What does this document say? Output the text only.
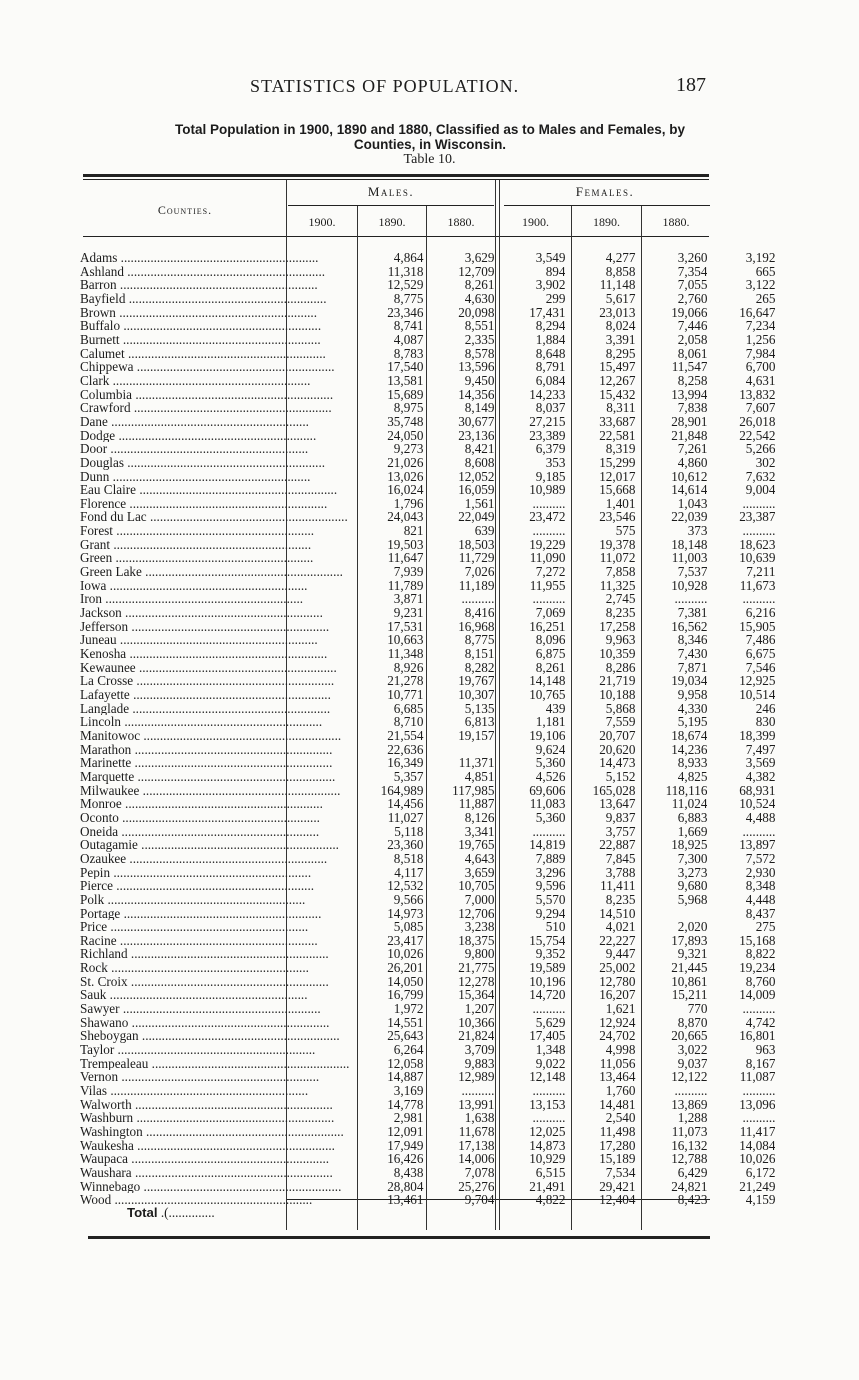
STATISTICS OF POPULATION.	187
Total Population in 1900, 1890 and 1880, Classified as to Males and Females, by
Counties, in Wisconsin.
Table 10.
Counties.
Males.	Females.
1900.	1890.	1880.	1900.	1890.	1880.
Adams ............................................................	4,864	3,629	3,549	4,277	3,260	3,192
Ashland ............................................................	11,318	12,709	894	8,858	7,354	665
Barron ............................................................	12,529	8,261	3,902	11,148	7,055	3,122
Bayfield ............................................................	8,775	4,630	299	5,617	2,760	265
Brown ............................................................	23,346	20,098	17,431	23,013	19,066	16,647
Buffalo ............................................................	8,741	8,551	8,294	8,024	7,446	7,234
Burnett ............................................................	4,087	2,335	1,884	3,391	2,058	1,256
Calumet ............................................................	8,783	8,578	8,648	8,295	8,061	7,984
Chippewa ............................................................	17,540	13,596	8,791	15,497	11,547	6,700
Clark ............................................................	13,581	9,450	6,084	12,267	8,258	4,631
Columbia ............................................................	15,689	14,356	14,233	15,432	13,994	13,832
Crawford ............................................................	8,975	8,149	8,037	8,311	7,838	7,607
Dane ............................................................	35,748	30,677	27,215	33,687	28,901	26,018
Dodge ............................................................	24,050	23,136	23,389	22,581	21,848	22,542
Door ............................................................	9,273	8,421	6,379	8,319	7,261	5,266
Douglas ............................................................	21,026	8,608	353	15,299	4,860	302
Dunn ............................................................	13,026	12,052	9,185	12,017	10,612	7,632
Eau Claire ............................................................	16,024	16,059	10,989	15,668	14,614	9,004
Florence ............................................................	1,796	1,561	..........	1,401	1,043	..........
Fond du Lac ............................................................	24,043	22,049	23,472	23,546	22,039	23,387
Forest ............................................................	821	639	..........	575	373	..........
Grant ............................................................	19,503	18,503	19,229	19,378	18,148	18,623
Green ............................................................	11,647	11,729	11,090	11,072	11,003	10,639
Green Lake ............................................................	7,939	7,026	7,272	7,858	7,537	7,211
Iowa ............................................................	11,789	11,189	11,955	11,325	10,928	11,673
Iron ............................................................	3,871	..........	..........	2,745	..........	..........
Jackson ............................................................	9,231	8,416	7,069	8,235	7,381	6,216
Jefferson ............................................................	17,531	16,968	16,251	17,258	16,562	15,905
Juneau ............................................................	10,663	8,775	8,096	9,963	8,346	7,486
Kenosha ............................................................	11,348	8,151	6,875	10,359	7,430	6,675
Kewaunee ............................................................	8,926	8,282	8,261	8,286	7,871	7,546
La Crosse ............................................................	21,278	19,767	14,148	21,719	19,034	12,925
Lafayette ............................................................	10,771	10,307	10,765	10,188	9,958	10,514
Langlade ............................................................	6,685	5,135	439	5,868	4,330	246
Lincoln ............................................................	8,710	6,813	1,181	7,559	5,195	830
Manitowoc ............................................................	21,554	19,157	19,106	20,707	18,674	18,399
Marathon ............................................................	22,636		9,624	20,620	14,236	7,497
Marinette ............................................................	16,349	11,371	5,360	14,473	8,933	3,569
Marquette ............................................................	5,357	4,851	4,526	5,152	4,825	4,382
Milwaukee ............................................................	164,989	117,985	69,606	165,028	118,116	68,931
Monroe ............................................................	14,456	11,887	11,083	13,647	11,024	10,524
Oconto ............................................................	11,027	8,126	5,360	9,837	6,883	4,488
Oneida ............................................................	5,118	3,341	..........	3,757	1,669	..........
Outagamie ............................................................	23,360	19,765	14,819	22,887	18,925	13,897
Ozaukee ............................................................	8,518	4,643	7,889	7,845	7,300	7,572
Pepin ............................................................	4,117	3,659	3,296	3,788	3,273	2,930
Pierce ............................................................	12,532	10,705	9,596	11,411	9,680	8,348
Polk ............................................................	9,566	7,000	5,570	8,235	5,968	4,448
Portage ............................................................	14,973	12,706	9,294	14,510		8,437
Price ............................................................	5,085	3,238	510	4,021	2,020	275
Racine ............................................................	23,417	18,375	15,754	22,227	17,893	15,168
Richland ............................................................	10,026	9,800	9,352	9,447	9,321	8,822
Rock ............................................................	26,201	21,775	19,589	25,002	21,445	19,234
St. Croix ............................................................	14,050	12,278	10,196	12,780	10,861	8,760
Sauk ............................................................	16,799	15,364	14,720	16,207	15,211	14,009
Sawyer ............................................................	1,972	1,207	..........	1,621	770	..........
Shawano ............................................................	14,551	10,366	5,629	12,924	8,870	4,742
Sheboygan ............................................................	25,643	21,824	17,405	24,702	20,665	16,801
Taylor ............................................................	6,264	3,709	1,348	4,998	3,022	963
Trempealeau ............................................................	12,058	9,883	9,022	11,056	9,037	8,167
Vernon ............................................................	14,887	12,989	12,148	13,464	12,122	11,087
Vilas ............................................................	3,169	..........	..........	1,760	..........	..........
Walworth ............................................................	14,778	13,991	13,153	14,481	13,869	13,096
Washburn ............................................................	2,981	1,638	..........	2,540	1,288	..........
Washington ............................................................	12,091	11,678	12,025	11,498	11,073	11,417
Waukesha ............................................................	17,949	17,138	14,873	17,280	16,132	14,084
Waupaca ............................................................	16,426	14,006	10,929	15,189	12,788	10,026
Waushara ............................................................	8,438	7,078	6,515	7,534	6,429	6,172
Winnebago ............................................................	28,804	25,276	21,491	29,421	24,821	21,249
Wood ............................................................	13,461	9,704	4,822	12,404	8,423	4,159
Total .(..............
